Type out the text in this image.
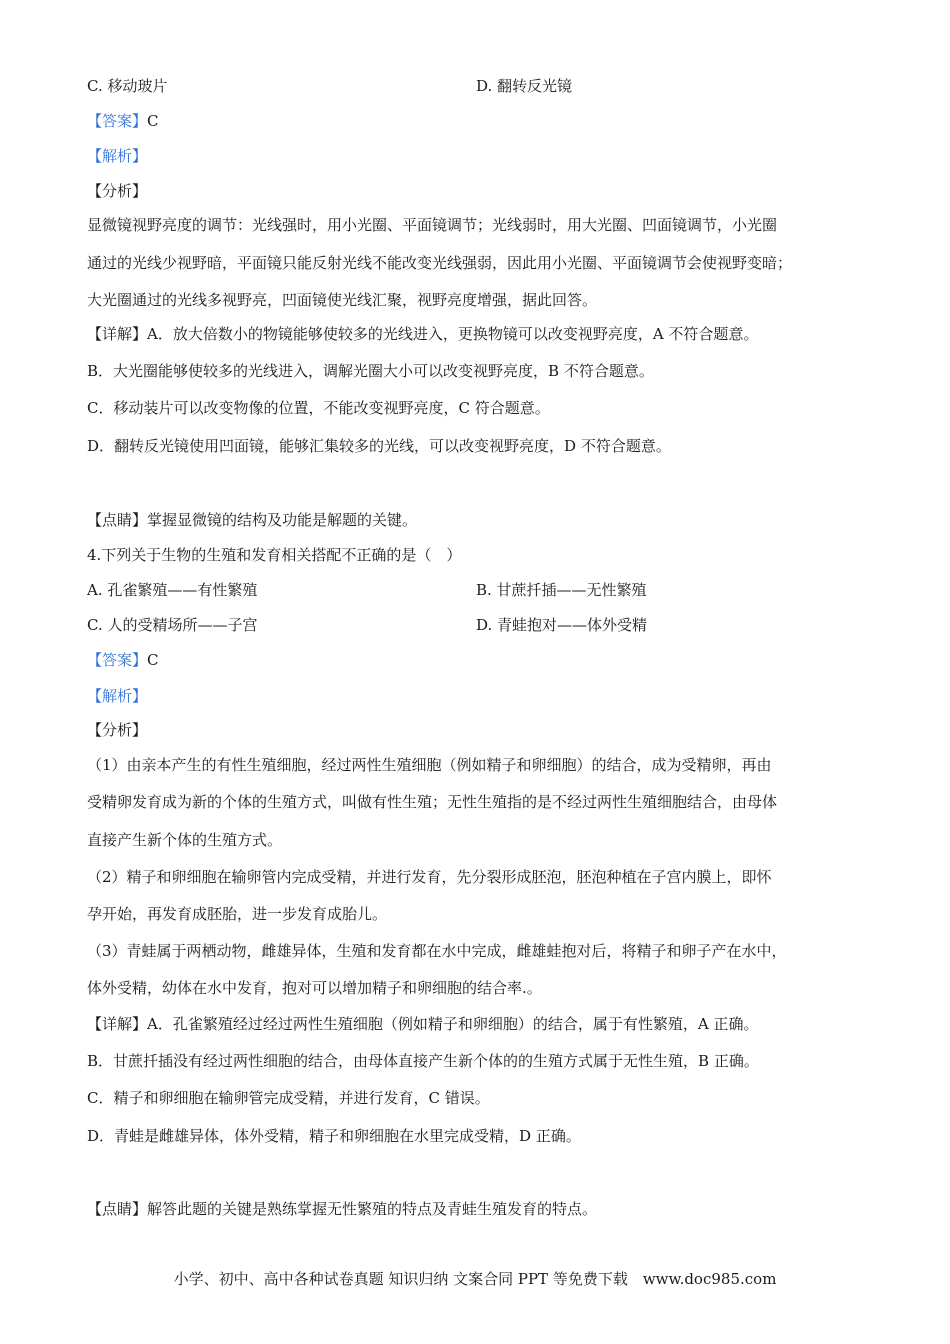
C. 移动玻片	D. 翻转反光镜
【答案】C
【解析】
【分析】
显微镜视野亮度的调节：光线强时，用小光圈、平面镜调节；光线弱时，用大光圈、凹面镜调节，小光圈
通过的光线少视野暗，平面镜只能反射光线不能改变光线强弱，因此用小光圈、平面镜调节会使视野变暗；
大光圈通过的光线多视野亮，凹面镜使光线汇聚，视野亮度增强，据此回答。
【详解】A．放大倍数小的物镜能够使较多的光线进入，更换物镜可以改变视野亮度，A 不符合题意。
B．大光圈能够使较多的光线进入，调解光圈大小可以改变视野亮度，B 不符合题意。
C．移动装片可以改变物像的位置，不能改变视野亮度，C 符合题意。
D．翻转反光镜使用凹面镜，能够汇集较多的光线，可以改变视野亮度，D 不符合题意。
【点睛】掌握显微镜的结构及功能是解题的关键。
4.下列关于生物的生殖和发育相关搭配不正确的是（　）
A. 孔雀繁殖——有性繁殖	B. 甘蔗扦插——无性繁殖
C. 人的受精场所——子宫	D. 青蛙抱对——体外受精
【答案】C
【解析】
【分析】
（1）由亲本产生的有性生殖细胞，经过两性生殖细胞（例如精子和卵细胞）的结合，成为受精卵，再由
受精卵发育成为新的个体的生殖方式，叫做有性生殖；无性生殖指的是不经过两性生殖细胞结合，由母体
直接产生新个体的生殖方式。
（2）精子和卵细胞在输卵管内完成受精，并进行发育，先分裂形成胚泡，胚泡种植在子宫内膜上，即怀
孕开始，再发育成胚胎，进一步发育成胎儿。
（3）青蛙属于两栖动物，雌雄异体，生殖和发育都在水中完成，雌雄蛙抱对后，将精子和卵子产在水中，
体外受精，幼体在水中发育，抱对可以增加精子和卵细胞的结合率.。
【详解】A．孔雀繁殖经过经过两性生殖细胞（例如精子和卵细胞）的结合，属于有性繁殖，A 正确。
B．甘蔗扦插没有经过两性细胞的结合，由母体直接产生新个体的的生殖方式属于无性生殖，B 正确。
C．精子和卵细胞在输卵管完成受精，并进行发育，C 错误。
D．青蛙是雌雄异体，体外受精，精子和卵细胞在水里完成受精，D 正确。
【点睛】解答此题的关键是熟练掌握无性繁殖的特点及青蛙生殖发育的特点。
小学、初中、高中各种试卷真题 知识归纳 文案合同 PPT 等免费下载　www.doc985.com
